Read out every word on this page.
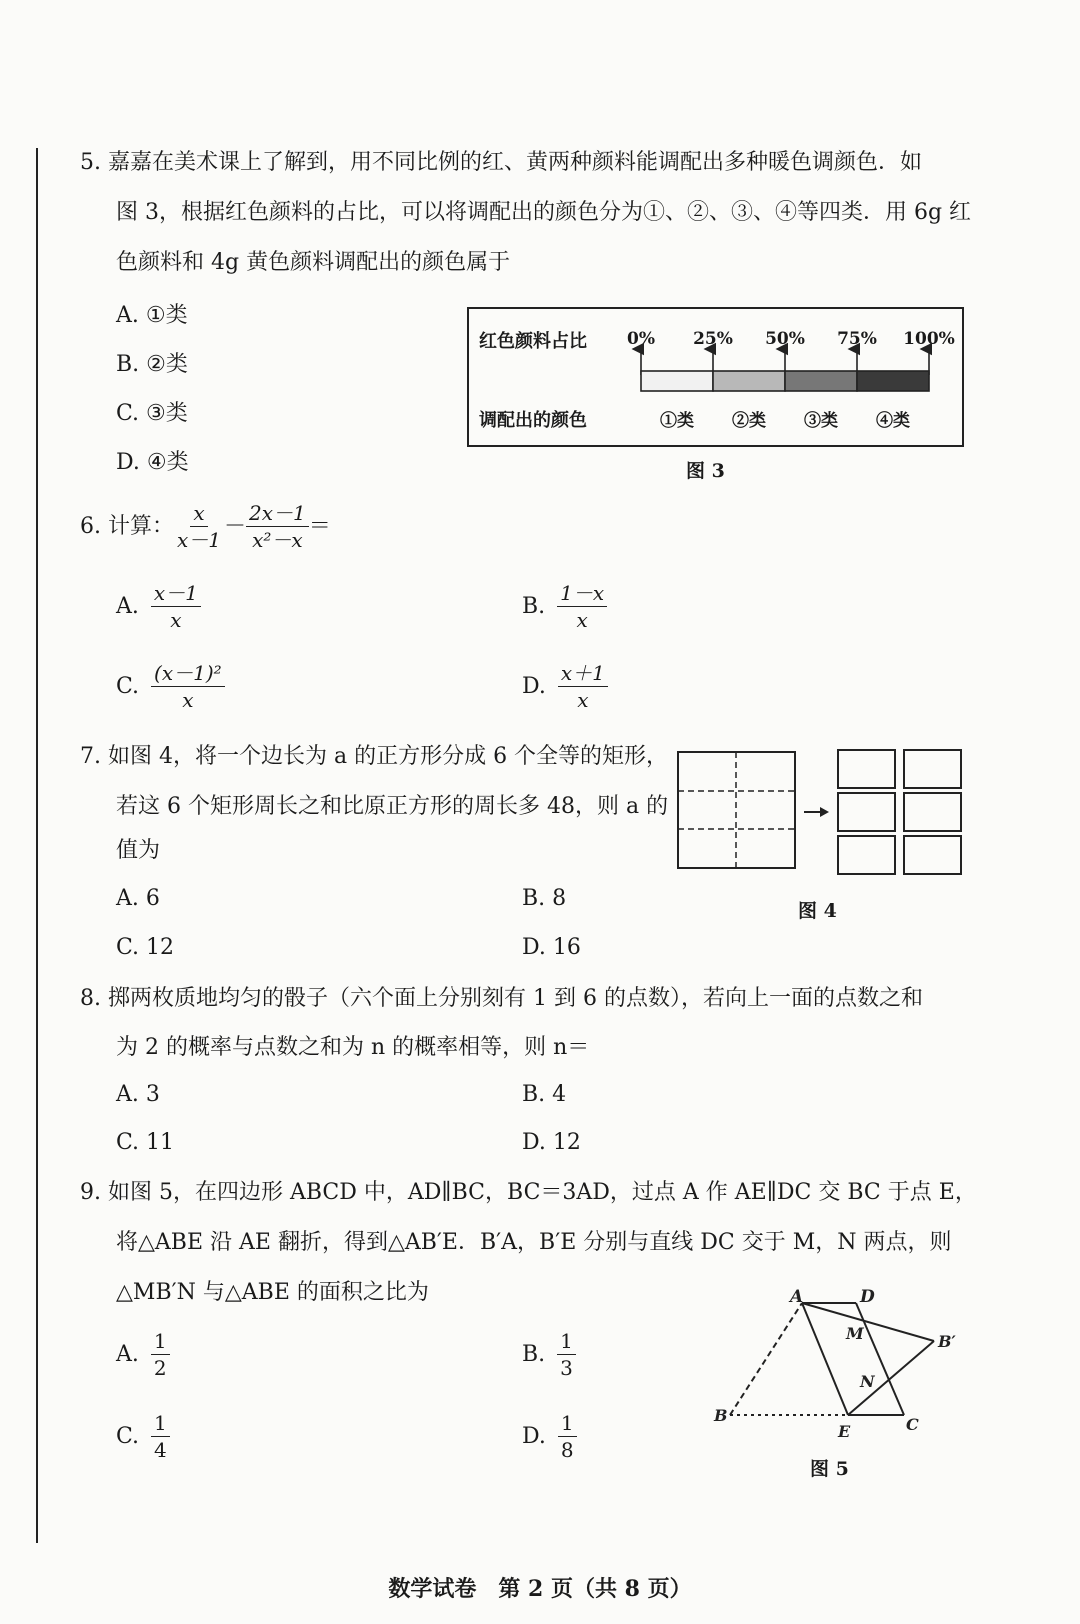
5. 嘉嘉在美术课上了解到，用不同比例的红、黄两种颜料能调配出多种暖色调颜色．如
图 3，根据红色颜料的占比，可以将调配出的颜色分为①、②、③、④等四类．用 6g 红
色颜料和 4g 黄色颜料调配出的颜色属于
A. ①类
B. ②类
C. ③类
D. ④类
红色颜料占比
调配出的颜色
0% 25% 50% 75% 100%
①类 ②类 ③类 ④类
图 3
6. 计算： $\frac{x}{x-1} - \frac{2x-1}{\text{x²－x}}$ ＝
A. $\frac{x-1}{x}$	B. $\frac{1-x}{x}$
C. $\frac{\text{(x－1)²}}{x}$	D. $\frac{x+1}{x}$
7. 如图 4，将一个边长为 a 的正方形分成 6 个全等的矩形，
若这 6 个矩形周长之和比原正方形的周长多 48，则 a 的
值为
A. 6	B. 8
C. 12	D. 16
图 4
8. 掷两枚质地均匀的骰子（六个面上分别刻有 1 到 6 的点数），若向上一面的点数之和
为 2 的概率与点数之和为 n 的概率相等，则 n＝
A. 3	B. 4
C. 11	D. 12
9. 如图 5，在四边形 ABCD 中，AD∥BC，BC＝3AD，过点 A 作 AE∥DC 交 BC 于点 E，
将△ABE 沿 AE 翻折，得到△AB′E．B′A，B′E 分别与直线 DC 交于 M，N 两点，则
△MB′N 与△ABE 的面积之比为
A. $\frac{1}{2}$	B. $\frac{1}{3}$
C. $\frac{1}{4}$	D. $\frac{1}{8}$
A	D
M	B′
N
B
E	C
图 5
数学试卷　第 2 页（共 8 页）
